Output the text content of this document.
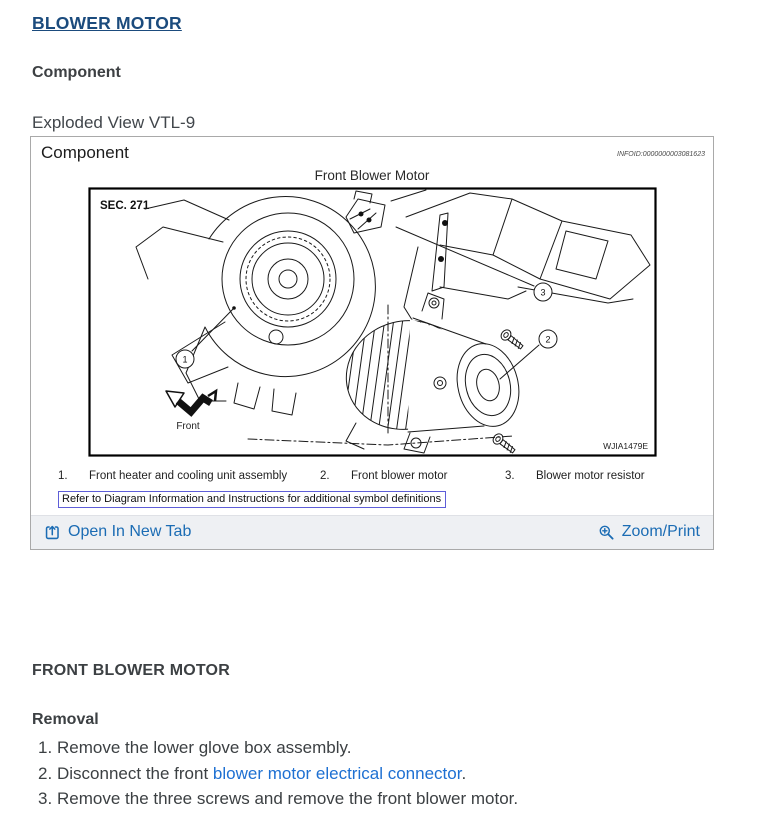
BLOWER MOTOR
Component
Exploded View VTL-9
Component	INFOID:0000000003081623
Front Blower Motor
SEC. 271
1
2
3
Front
WJIA1479E
1.	Front heater and cooling unit assembly	2.	Front blower motor	3.	Blower motor resistor
Refer to Diagram Information and Instructions for additional symbol definitions
Open In New Tab	Zoom/Print
FRONT BLOWER MOTOR
Removal
1. Remove the lower glove box assembly.
2. Disconnect the front blower motor electrical connector.
3. Remove the three screws and remove the front blower motor.
